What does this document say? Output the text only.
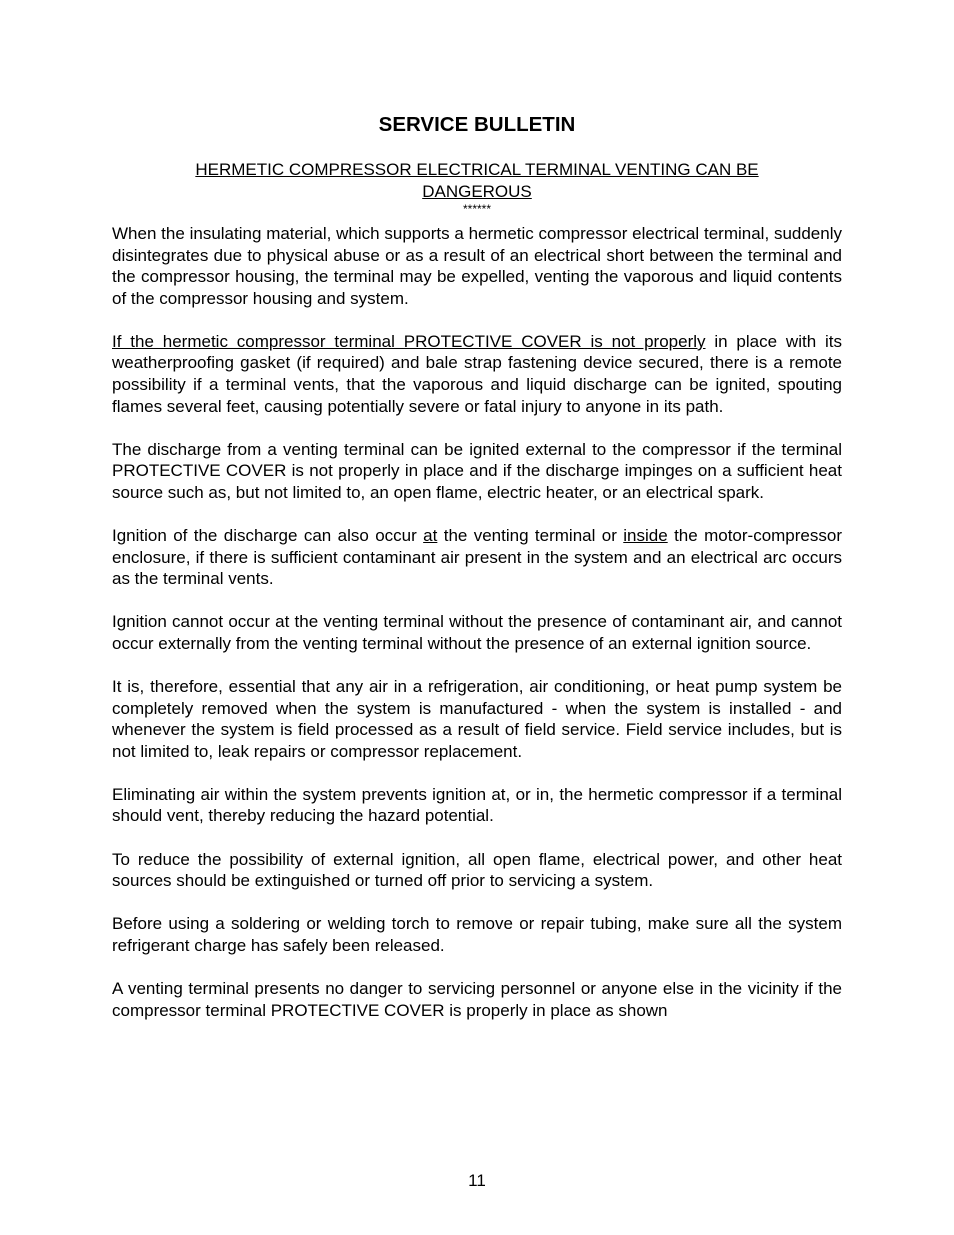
SERVICE BULLETIN
HERMETIC COMPRESSOR ELECTRICAL TERMINAL VENTING CAN BE DANGEROUS
******

When the insulating material, which supports a hermetic compressor electrical terminal, suddenly disintegrates due to physical abuse or as a result of an electrical short between the terminal and the compressor housing, the terminal may be expelled, venting the vaporous and liquid contents of the compressor housing and system.

If the hermetic compressor terminal PROTECTIVE COVER is not properly in place with its weatherproofing gasket (if required) and bale strap fastening device secured, there is a remote possibility if a terminal vents, that the vaporous and liquid discharge can be ignited, spouting flames several feet, causing potentially severe or fatal injury to anyone in its path.

The discharge from a venting terminal can be ignited external to the compressor if the terminal PROTECTIVE COVER is not properly in place and if the discharge impinges on a sufficient heat source such as, but not limited to, an open flame, electric heater, or an electrical spark.

Ignition of the discharge can also occur at the venting terminal or inside the motor-compressor enclosure, if there is sufficient contaminant air present in the system and an electrical arc occurs as the terminal vents.

Ignition cannot occur at the venting terminal without the presence of contaminant air, and cannot occur externally from the venting terminal without the presence of an external ignition source.

It is, therefore, essential that any air in a refrigeration, air conditioning, or heat pump system be completely removed when the system is manufactured - when the system is installed - and whenever the system is field processed as a result of field service. Field service includes, but is not limited to, leak repairs or compressor replacement.

Eliminating air within the system prevents ignition at, or in, the hermetic compressor if a terminal should vent, thereby reducing the hazard potential.

To reduce the possibility of external ignition, all open flame, electrical power, and other heat sources should be extinguished or turned off prior to servicing a system.

Before using a soldering or welding torch to remove or repair tubing, make sure all the system refrigerant charge has safely been released.

A venting terminal presents no danger to servicing personnel or anyone else in the vicinity if the compressor terminal PROTECTIVE COVER is properly in place as shown

11
